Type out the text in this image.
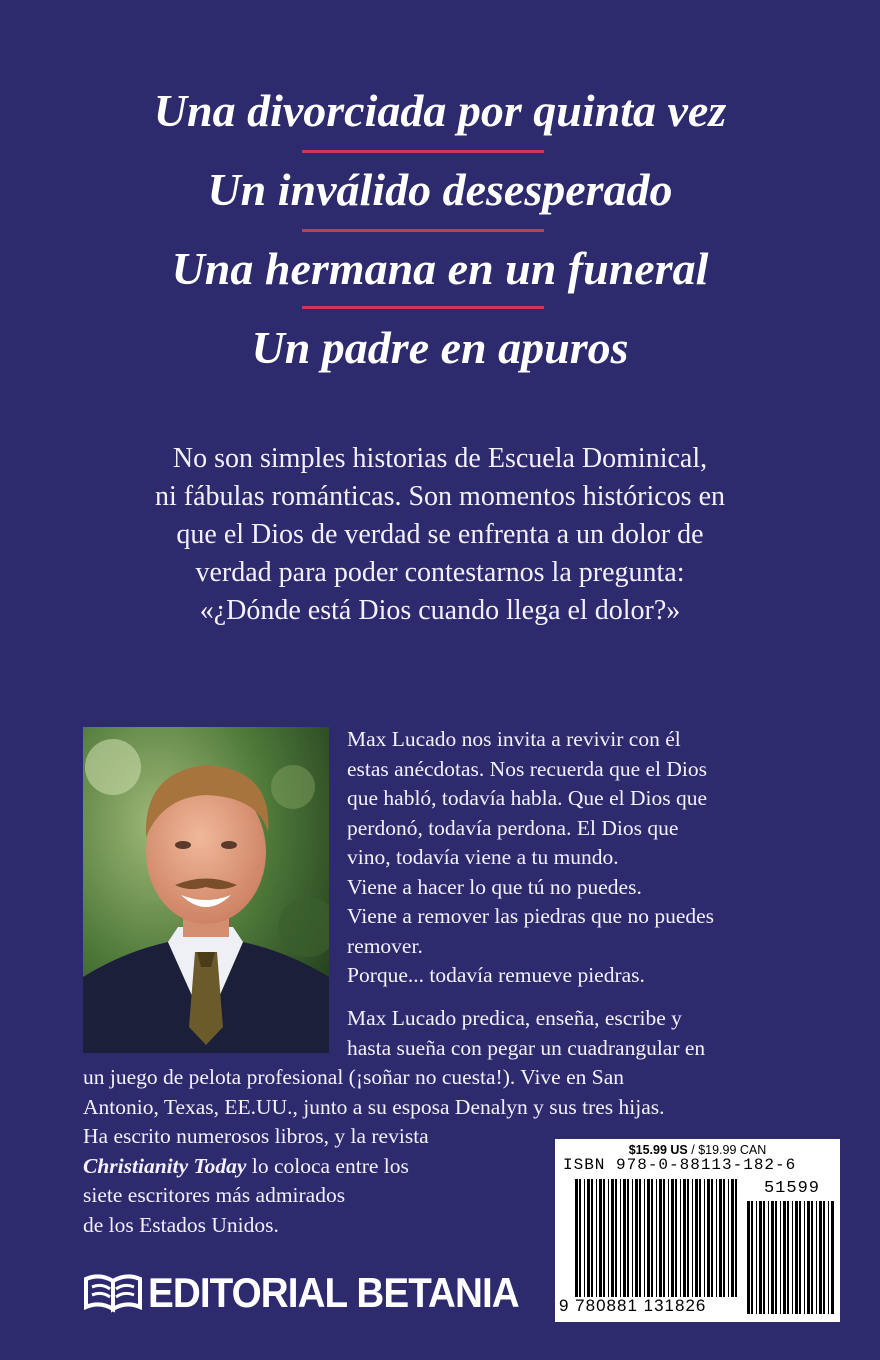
Una divorciada por quinta vez
Un inválido desesperado
Una hermana en un funeral
Un padre en apuros
No son simples historias de Escuela Dominical,
ni fábulas románticas. Son momentos históricos en
que el Dios de verdad se enfrenta a un dolor de
verdad para poder contestarnos la pregunta:
«¿Dónde está Dios cuando llega el dolor?»
Max Lucado nos invita a revivir con él
estas anécdotas. Nos recuerda que el Dios
que habló, todavía habla. Que el Dios que
perdonó, todavía perdona. El Dios que
vino, todavía viene a tu mundo.
Viene a hacer lo que tú no puedes.
Viene a remover las piedras que no puedes
remover.
Porque... todavía remueve piedras.
Max Lucado predica, enseña, escribe y
hasta sueña con pegar un cuadrangular en
un juego de pelota profesional (¡soñar no cuesta!). Vive en San
Antonio, Texas, EE.UU., junto a su esposa Denalyn y sus tres hijas.
Ha escrito numerosos libros, y la revista
Christianity Today lo coloca entre los
siete escritores más admirados
de los Estados Unidos.
$15.99 US / $19.99 CAN
ISBN 978-0-88113-182-6
51599
9 780881 131826
EDITORIAL BETANIA
